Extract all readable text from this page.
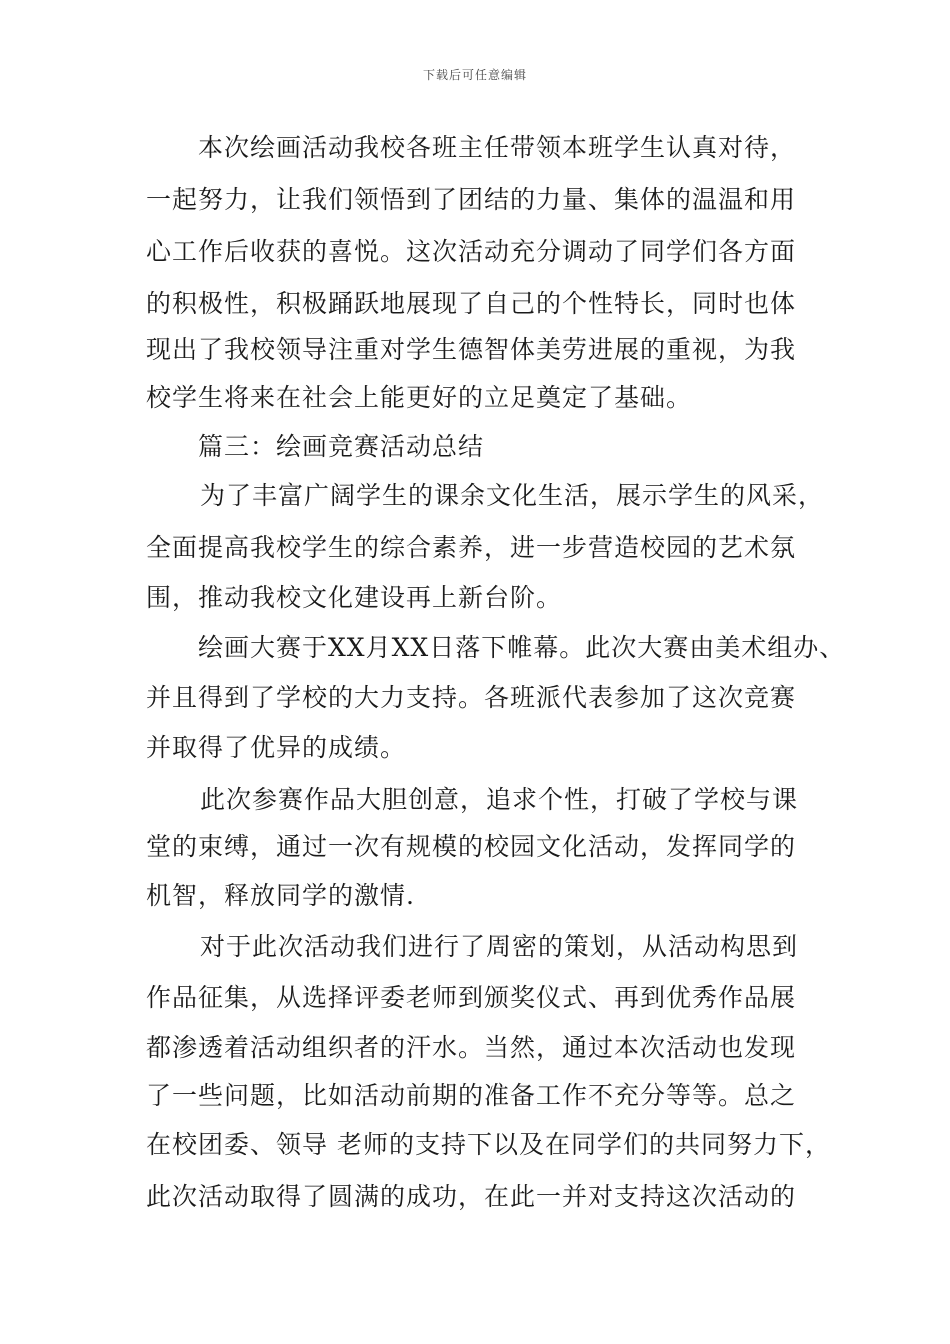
下载后可任意编辑
本次绘画活动我校各班主任带领本班学生认真对待，
一起努力，让我们领悟到了团结的力量、集体的温温和用
心工作后收获的喜悦。这次活动充分调动了同学们各方面
的积极性，积极踊跃地展现了自己的个性特长，同时也体
现出了我校领导注重对学生德智体美劳进展的重视，为我
校学生将来在社会上能更好的立足奠定了基础。
篇三：绘画竞赛活动总结
为了丰富广阔学生的课余文化生活，展示学生的风采，
全面提高我校学生的综合素养，进一步营造校园的艺术氛
围，推动我校文化建设再上新台阶。
绘画大赛于XX月XX日落下帷幕。此次大赛由美术组办、
并且得到了学校的大力支持。各班派代表参加了这次竞赛
并取得了优异的成绩。
此次参赛作品大胆创意，追求个性，打破了学校与课
堂的束缚，通过一次有规模的校园文化活动，发挥同学的
机智，释放同学的激情.
对于此次活动我们进行了周密的策划，从活动构思到
作品征集，从选择评委老师到颁奖仪式、再到优秀作品展
都渗透着活动组织者的汗水。当然，通过本次活动也发现
了一些问题，比如活动前期的准备工作不充分等等。总之
在校团委、领导 老师的支持下以及在同学们的共同努力下，
此次活动取得了圆满的成功，在此一并对支持这次活动的
